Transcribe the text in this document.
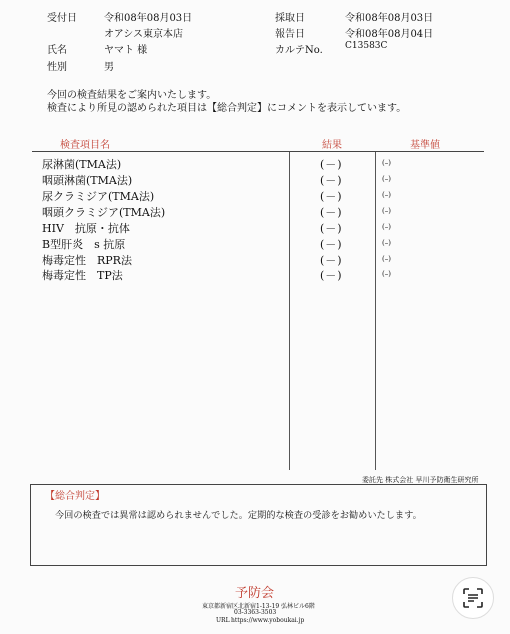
受付日	令和08年08月03日
オアシス東京本店
氏名	ヤマト 様
性別	男
採取日	令和08年08月03日
報告日	令和08年08月04日
カルテNo. C13583C
今回の検査結果をご案内いたします。
検査により所見の認められた項目は【総合判定】にコメントを表示しています。
検査項目名	結果	基準値
尿淋菌(TMA法)	(－)	(–)
咽頭淋菌(TMA法)	(－)	(–)
尿クラミジア(TMA法)	(－)	(–)
咽頭クラミジア(TMA法)	(－)	(–)
HIV　抗原・抗体	(－)	(–)
B型肝炎　s 抗原	(－)	(–)
梅毒定性　RPR法	(－)	(–)
梅毒定性　TP法	(－)	(–)
委託先 株式会社 早川予防衛生研究所
【総合判定】
今回の検査では異常は認められませんでした。定期的な検査の受診をお勧めいたします。
予防会
東京都新宿区北新宿1-13-19 弘林ビル6階
03-3363-3503
URL https://www.yoboukai.jp
